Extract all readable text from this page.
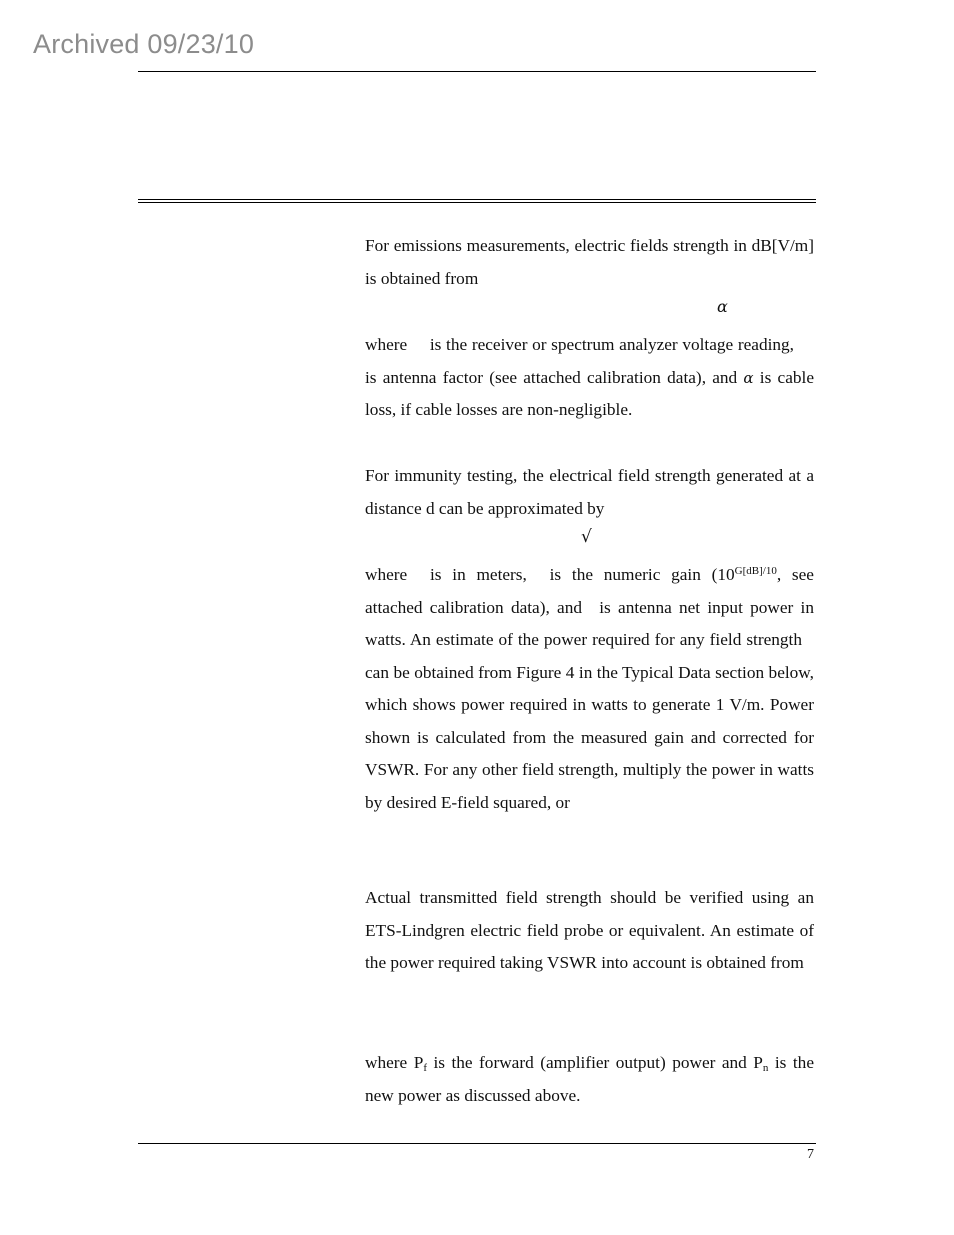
Archived 09/23/10

For emissions measurements, electric fields strength in dB[V/m] is obtained from

α

where is the receiver or spectrum analyzer voltage reading, is antenna factor (see attached calibration data), and α is cable loss, if cable losses are non-negligible.

For immunity testing, the electrical field strength generated at a distance d can be approximated by

√

where is in meters, is the numeric gain ($10^{G[dB]/10}$, see attached calibration data), and is antenna net input power in watts. An estimate of the power required for any field strength can be obtained from Figure 4 in the Typical Data section below, which shows power required in watts to generate 1 V/m. Power shown is calculated from the measured gain and corrected for VSWR. For any other field strength, multiply the power in watts by desired E-field squared, or

Actual transmitted field strength should be verified using an ETS-Lindgren electric field probe or equivalent. An estimate of the power required taking VSWR into account is obtained from

where $P_f$ is the forward (amplifier output) power and $P_n$ is the new power as discussed above.

7
